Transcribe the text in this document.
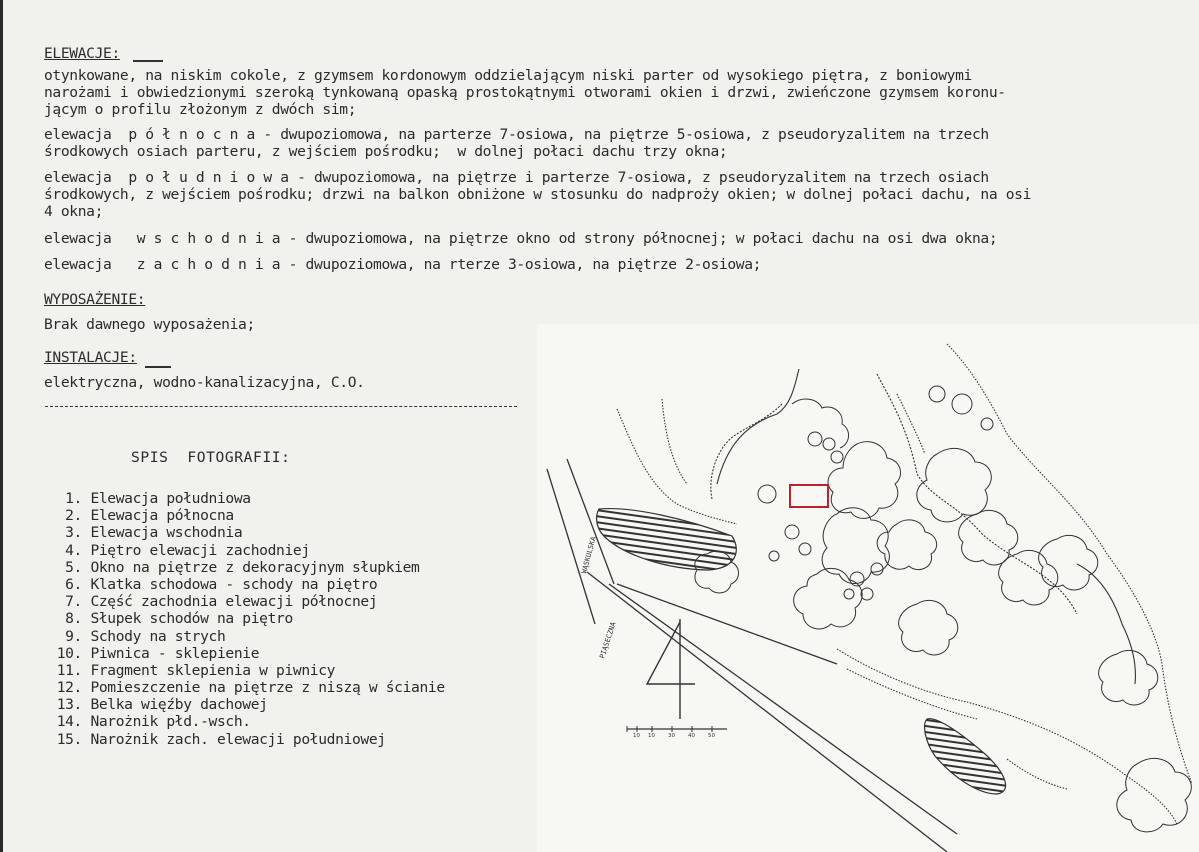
ELEWACJE:
otynkowane, na niskim cokole, z gzymsem kordonowym oddzielającym niski parter od wysokiego piętra, z boniowymi
narożami i obwiedzionymi szeroką tynkowaną opaską prostokątnymi otworami okien i drzwi, zwieńczone gzymsem koronu-
jącym o profilu złożonym z dwóch sim;
elewacja  p ó ł n o c n a - dwupoziomowa, na parterze 7-osiowa, na piętrze 5-osiowa, z pseudoryzalitem na trzech
środkowych osiach parteru, z wejściem pośrodku;  w dolnej połaci dachu trzy okna;
elewacja  p o ł u d n i o w a - dwupoziomowa, na piętrze i parterze 7-osiowa, z pseudoryzalitem na trzech osiach
środkowych, z wejściem pośrodku; drzwi na balkon obniżone w stosunku do nadproży okien; w dolnej połaci dachu, na osi
4 okna;
elewacja   w s c h o d n i a - dwupoziomowa, na piętrze okno od strony północnej; w połaci dachu na osi dwa okna;
elewacja   z a c h o d n i a - dwupoziomowa, na rterze 3-osiowa, na piętrze 2-osiowa;
WYPOSAŻENIE:
Brak dawnego wyposażenia;
INSTALACJE:
elektryczna, wodno-kanalizacyjna, C.O.
SPIS  FOTOGRAFII:
1. Elewacja południowa
2. Elewacja północna
3. Elewacja wschodnia
4. Piętro elewacji zachodniej
5. Okno na piętrze z dekoracyjnym słupkiem
6. Klatka schodowa - schody na piętro
7. Część zachodnia elewacji północnej
8. Słupek schodów na piętro
9. Schody na strych
10. Piwnica - sklepienie
11. Fragment sklepienia w piwnicy
12. Pomieszczenie na piętrze z niszą w ścianie
13. Belka więźby dachowej
14. Narożnik płd.-wsch.
15. Narożnik zach. elewacji południowej
WĄSKULSKA
PIĄSECZNA
10 10 30 40 50
